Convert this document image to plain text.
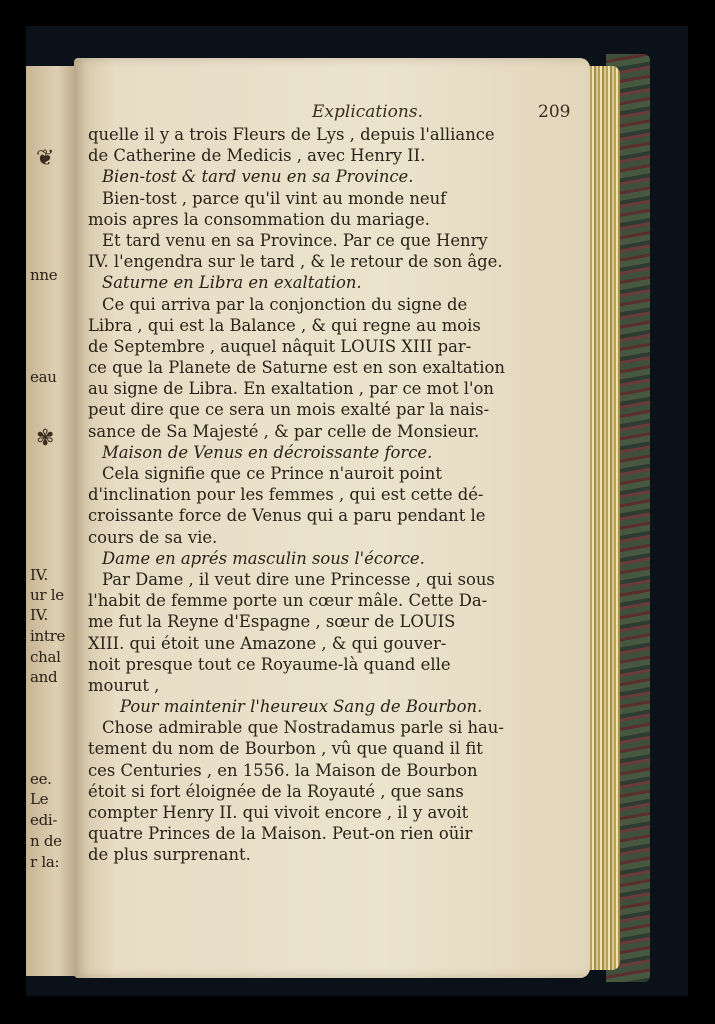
❦
nne
eau
✾
IV.
ur le
IV.
intre
chal
and
ee.
Le
edi-
n de
r la:
Explications.	209
quelle il y a trois Fleurs de Lys , depuis l'alliance
de Catherine de Medicis , avec Henry II.
Bien-tost & tard venu en sa Province.
Bien-tost , parce qu'il vint au monde neuf
mois apres la consommation du mariage.
Et tard venu en sa Province. Par ce que Henry
IV. l'engendra sur le tard , & le retour de son âge.
Saturne en Libra en exaltation.
Ce qui arriva par la conjonction du signe de
Libra , qui est la Balance , & qui regne au mois
de Septembre , auquel nâquit LOUIS XIII par-
ce que la Planete de Saturne est en son exaltation
au signe de Libra. En exaltation , par ce mot l'on
peut dire que ce sera un mois exalté par la nais-
sance de Sa Majesté , & par celle de Monsieur.
Maison de Venus en décroissante force.
Cela signifie que ce Prince n'auroit point
d'inclination pour les femmes , qui est cette dé-
croissante force de Venus qui a paru pendant le
cours de sa vie.
Dame en aprés masculin sous l'écorce.
Par Dame , il veut dire une Princesse , qui sous
l'habit de femme porte un cœur mâle. Cette Da-
me fut la Reyne d'Espagne , sœur de LOUIS
XIII. qui étoit une Amazone , & qui gouver-
noit presque tout ce Royaume-là quand elle
mourut ,
Pour maintenir l'heureux Sang de Bourbon.
Chose admirable que Nostradamus parle si hau-
tement du nom de Bourbon , vû que quand il fit
ces Centuries , en 1556. la Maison de Bourbon
étoit si fort éloignée de la Royauté , que sans
compter Henry II. qui vivoit encore , il y avoit
quatre Princes de la Maison. Peut-on rien oüir
de plus surprenant.
